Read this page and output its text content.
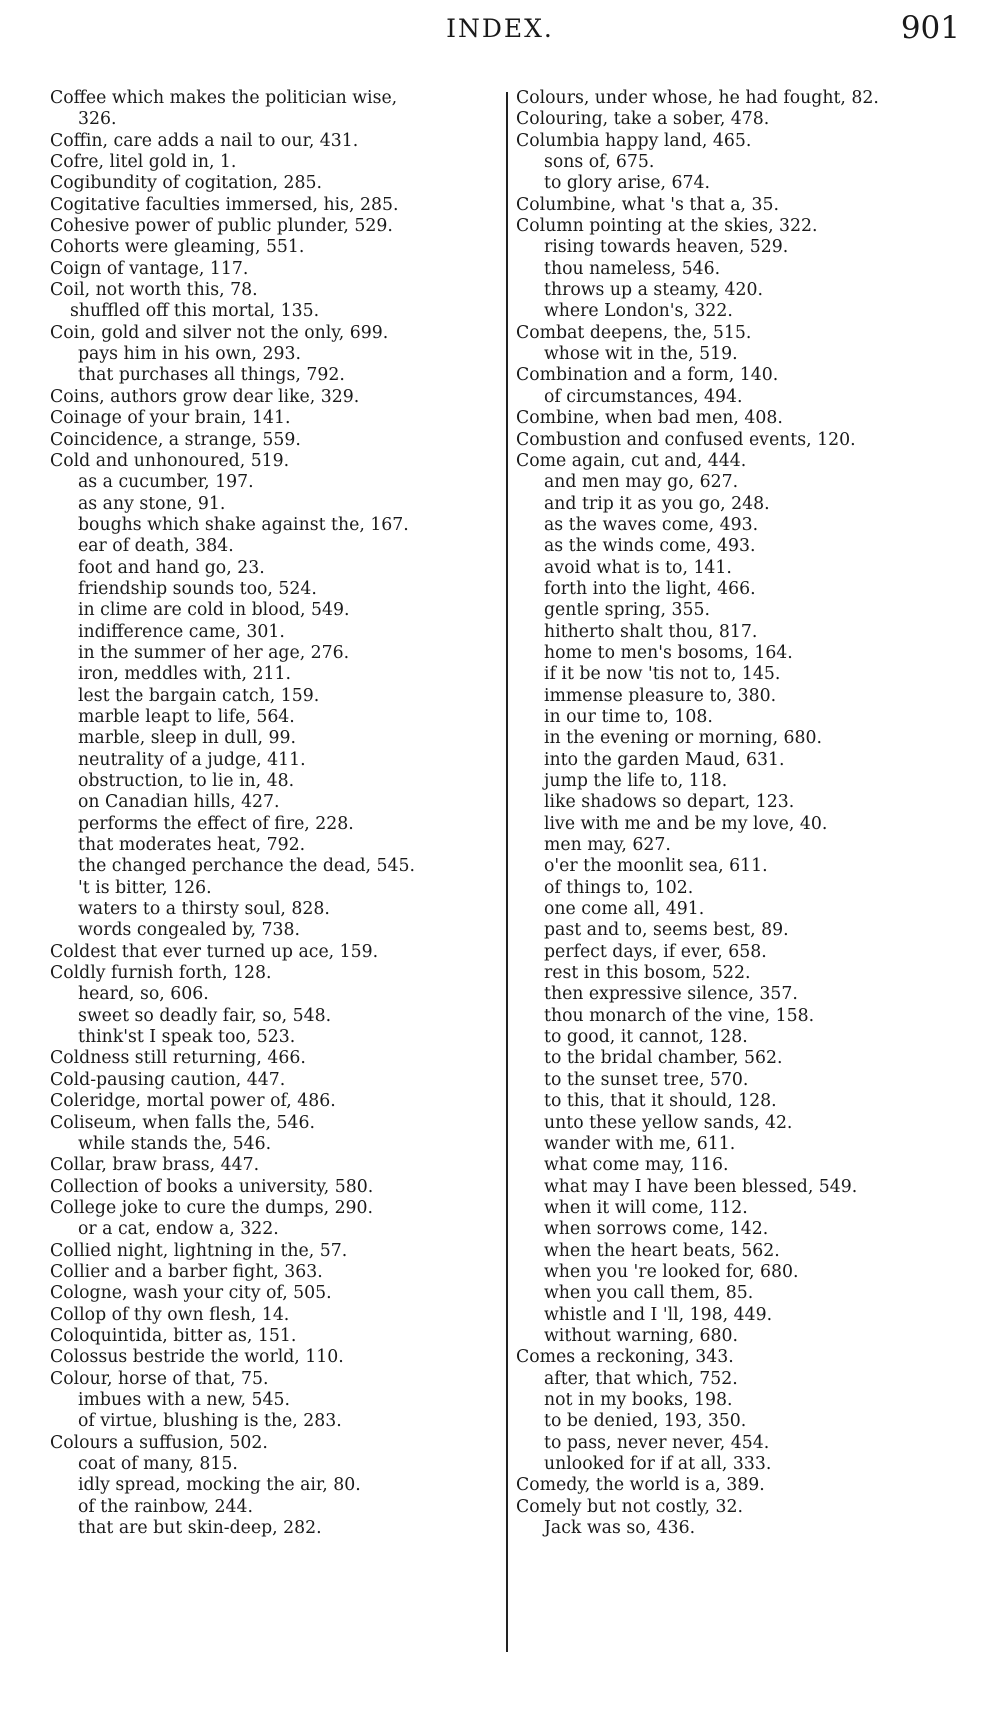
INDEX.	901
Coffee which makes the politician wise,
326.
Coffin, care adds a nail to our, 431.
Cofre, litel gold in, 1.
Cogibundity of cogitation, 285.
Cogitative faculties immersed, his, 285.
Cohesive power of public plunder, 529.
Cohorts were gleaming, 551.
Coign of vantage, 117.
Coil, not worth this, 78.
shuffled off this mortal, 135.
Coin, gold and silver not the only, 699.
pays him in his own, 293.
that purchases all things, 792.
Coins, authors grow dear like, 329.
Coinage of your brain, 141.
Coincidence, a strange, 559.
Cold and unhonoured, 519.
as a cucumber, 197.
as any stone, 91.
boughs which shake against the, 167.
ear of death, 384.
foot and hand go, 23.
friendship sounds too, 524.
in clime are cold in blood, 549.
indifference came, 301.
in the summer of her age, 276.
iron, meddles with, 211.
lest the bargain catch, 159.
marble leapt to life, 564.
marble, sleep in dull, 99.
neutrality of a judge, 411.
obstruction, to lie in, 48.
on Canadian hills, 427.
performs the effect of fire, 228.
that moderates heat, 792.
the changed perchance the dead, 545.
't is bitter, 126.
waters to a thirsty soul, 828.
words congealed by, 738.
Coldest that ever turned up ace, 159.
Coldly furnish forth, 128.
heard, so, 606.
sweet so deadly fair, so, 548.
think'st I speak too, 523.
Coldness still returning, 466.
Cold-pausing caution, 447.
Coleridge, mortal power of, 486.
Coliseum, when falls the, 546.
while stands the, 546.
Collar, braw brass, 447.
Collection of books a university, 580.
College joke to cure the dumps, 290.
or a cat, endow a, 322.
Collied night, lightning in the, 57.
Collier and a barber fight, 363.
Cologne, wash your city of, 505.
Collop of thy own flesh, 14.
Coloquintida, bitter as, 151.
Colossus bestride the world, 110.
Colour, horse of that, 75.
imbues with a new, 545.
of virtue, blushing is the, 283.
Colours a suffusion, 502.
coat of many, 815.
idly spread, mocking the air, 80.
of the rainbow, 244.
that are but skin-deep, 282.
Colours, under whose, he had fought, 82.
Colouring, take a sober, 478.
Columbia happy land, 465.
sons of, 675.
to glory arise, 674.
Columbine, what 's that a, 35.
Column pointing at the skies, 322.
rising towards heaven, 529.
thou nameless, 546.
throws up a steamy, 420.
where London's, 322.
Combat deepens, the, 515.
whose wit in the, 519.
Combination and a form, 140.
of circumstances, 494.
Combine, when bad men, 408.
Combustion and confused events, 120.
Come again, cut and, 444.
and men may go, 627.
and trip it as you go, 248.
as the waves come, 493.
as the winds come, 493.
avoid what is to, 141.
forth into the light, 466.
gentle spring, 355.
hitherto shalt thou, 817.
home to men's bosoms, 164.
if it be now 'tis not to, 145.
immense pleasure to, 380.
in our time to, 108.
in the evening or morning, 680.
into the garden Maud, 631.
jump the life to, 118.
like shadows so depart, 123.
live with me and be my love, 40.
men may, 627.
o'er the moonlit sea, 611.
of things to, 102.
one come all, 491.
past and to, seems best, 89.
perfect days, if ever, 658.
rest in this bosom, 522.
then expressive silence, 357.
thou monarch of the vine, 158.
to good, it cannot, 128.
to the bridal chamber, 562.
to the sunset tree, 570.
to this, that it should, 128.
unto these yellow sands, 42.
wander with me, 611.
what come may, 116.
what may I have been blessed, 549.
when it will come, 112.
when sorrows come, 142.
when the heart beats, 562.
when you 're looked for, 680.
when you call them, 85.
whistle and I 'll, 198, 449.
without warning, 680.
Comes a reckoning, 343.
after, that which, 752.
not in my books, 198.
to be denied, 193, 350.
to pass, never never, 454.
unlooked for if at all, 333.
Comedy, the world is a, 389.
Comely but not costly, 32.
Jack was so, 436.
